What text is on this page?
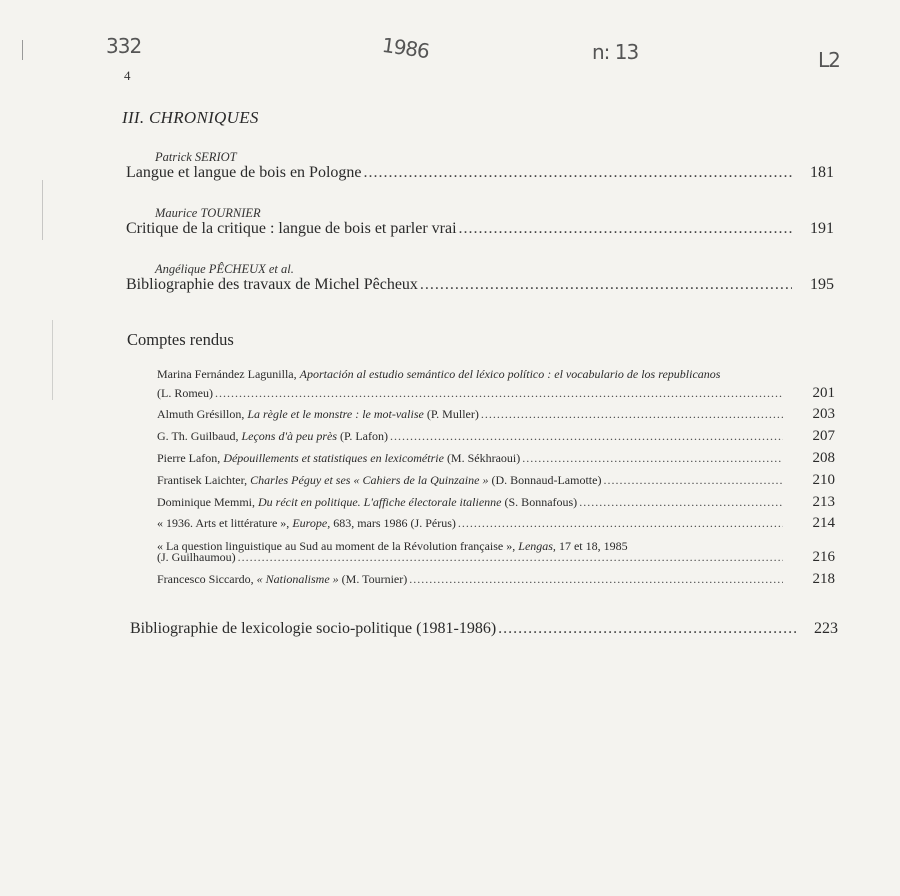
332	1986	n: 13	L2
4
III. CHRONIQUES
Patrick SERIOT
Langue et langue de bois en Pologne .....	181
Maurice TOURNIER
Critique de la critique : langue de bois et parler vrai .....	191
Angélique PÊCHEUX et al.
Bibliographie des travaux de Michel Pêcheux .....	195
Comptes rendus
Marina Fernández Lagunilla, Aportación al estudio semántico del léxico político : el vocabulario de los republicanos
(L. Romeu) .....	201
Almuth Grésillon, La règle et le monstre : le mot-valise (P. Muller) .....	203
G. Th. Guilbaud, Leçons d'à peu près (P. Lafon) .....	207
Pierre Lafon, Dépouillements et statistiques en lexicométrie (M. Sékhraoui) .....	208
Frantisek Laichter, Charles Péguy et ses « Cahiers de la Quinzaine » (D. Bonnaud-Lamotte) .....	210
Dominique Memmi, Du récit en politique. L'affiche électorale italienne (S. Bonnafous) .....	213
« 1936. Arts et littérature », Europe, 683, mars 1986 (J. Pérus) .....	214
« La question linguistique au Sud au moment de la Révolution française », Lengas, 17 et 18, 1985
(J. Guilhaumou) .....	216
Francesco Siccardo, « Nationalisme » (M. Tournier) .....	218
Bibliographie de lexicologie socio-politique (1981-1986) .....	223
